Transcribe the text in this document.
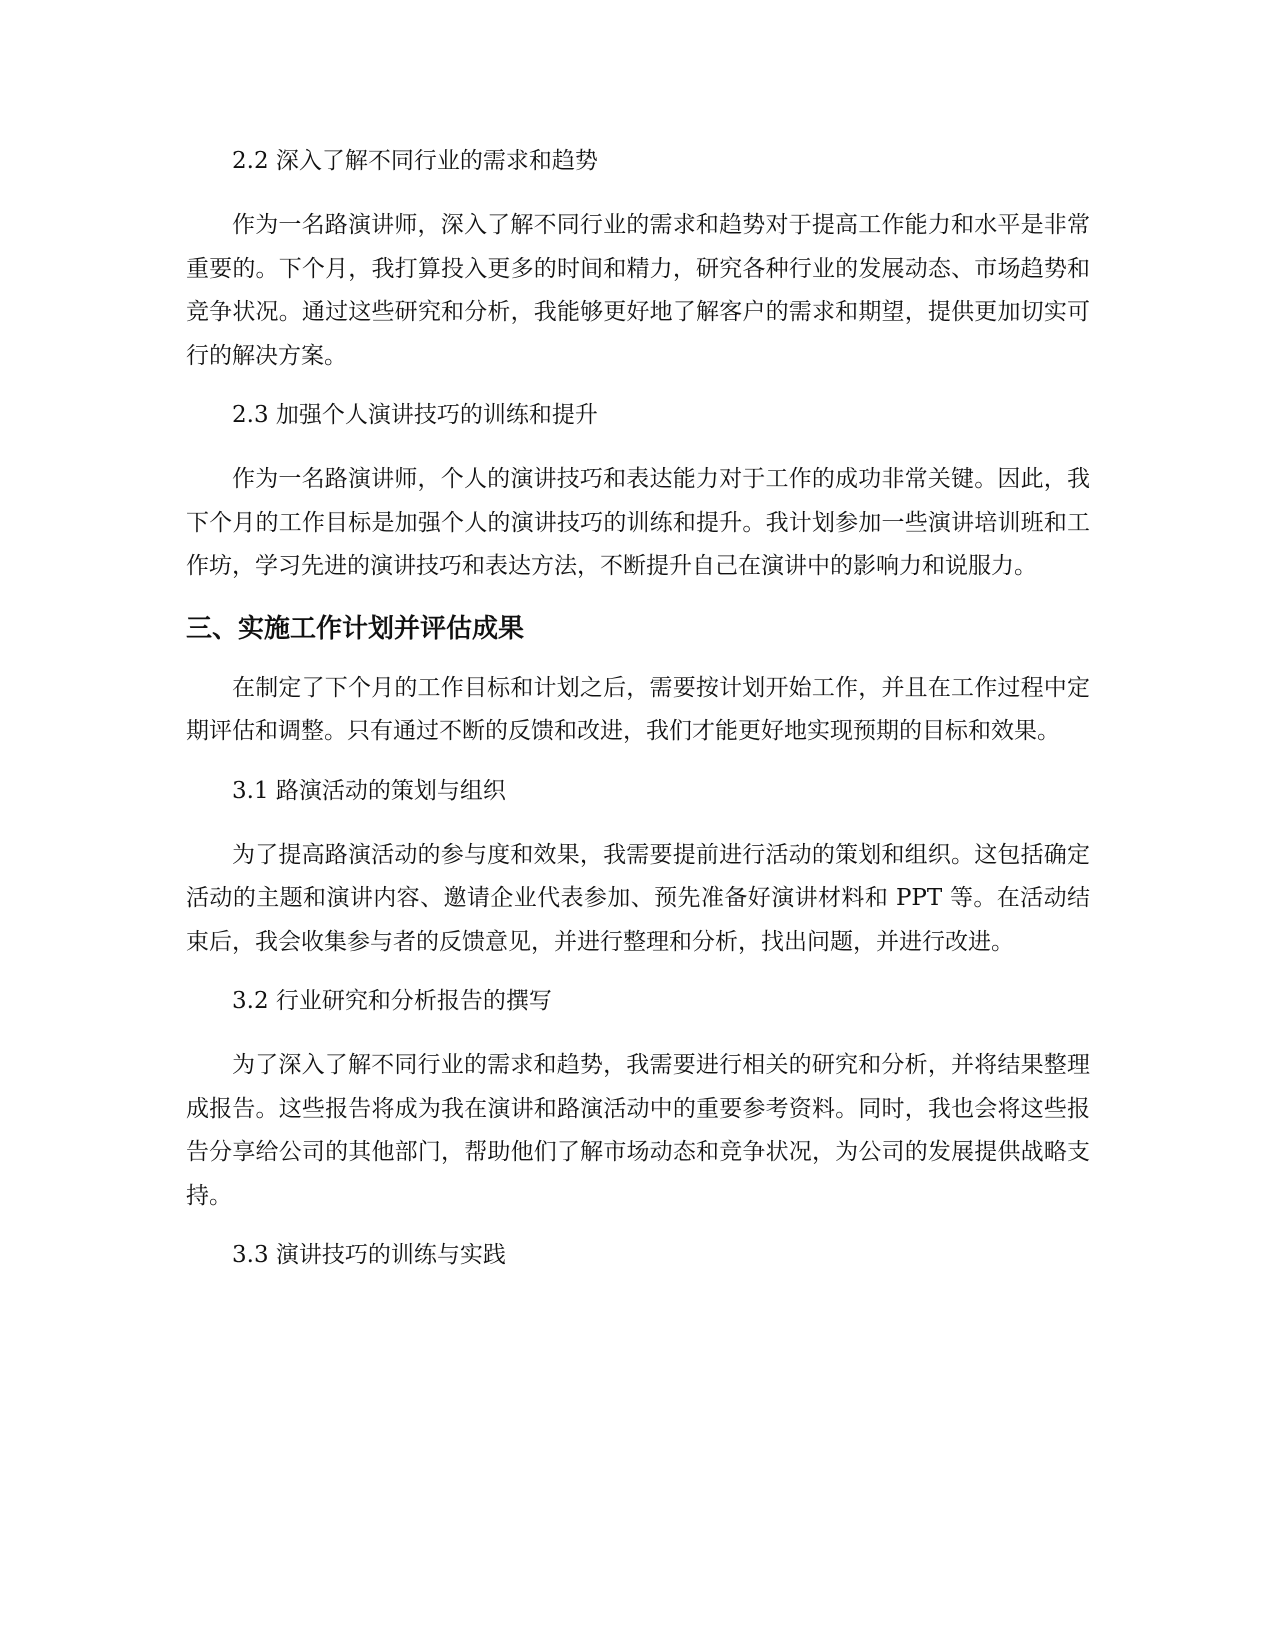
2.2 深入了解不同行业的需求和趋势
作为一名路演讲师，深入了解不同行业的需求和趋势对于提高工作能力和水平是非常重要的。下个月，我打算投入更多的时间和精力，研究各种行业的发展动态、市场趋势和竞争状况。通过这些研究和分析，我能够更好地了解客户的需求和期望，提供更加切实可行的解决方案。
2.3 加强个人演讲技巧的训练和提升
作为一名路演讲师，个人的演讲技巧和表达能力对于工作的成功非常关键。因此，我下个月的工作目标是加强个人的演讲技巧的训练和提升。我计划参加一些演讲培训班和工作坊，学习先进的演讲技巧和表达方法，不断提升自己在演讲中的影响力和说服力。
三、实施工作计划并评估成果
在制定了下个月的工作目标和计划之后，需要按计划开始工作，并且在工作过程中定期评估和调整。只有通过不断的反馈和改进，我们才能更好地实现预期的目标和效果。
3.1 路演活动的策划与组织
为了提高路演活动的参与度和效果，我需要提前进行活动的策划和组织。这包括确定活动的主题和演讲内容、邀请企业代表参加、预先准备好演讲材料和 PPT 等。在活动结束后，我会收集参与者的反馈意见，并进行整理和分析，找出问题，并进行改进。
3.2 行业研究和分析报告的撰写
为了深入了解不同行业的需求和趋势，我需要进行相关的研究和分析，并将结果整理成报告。这些报告将成为我在演讲和路演活动中的重要参考资料。同时，我也会将这些报告分享给公司的其他部门，帮助他们了解市场动态和竞争状况，为公司的发展提供战略支持。
3.3 演讲技巧的训练与实践
